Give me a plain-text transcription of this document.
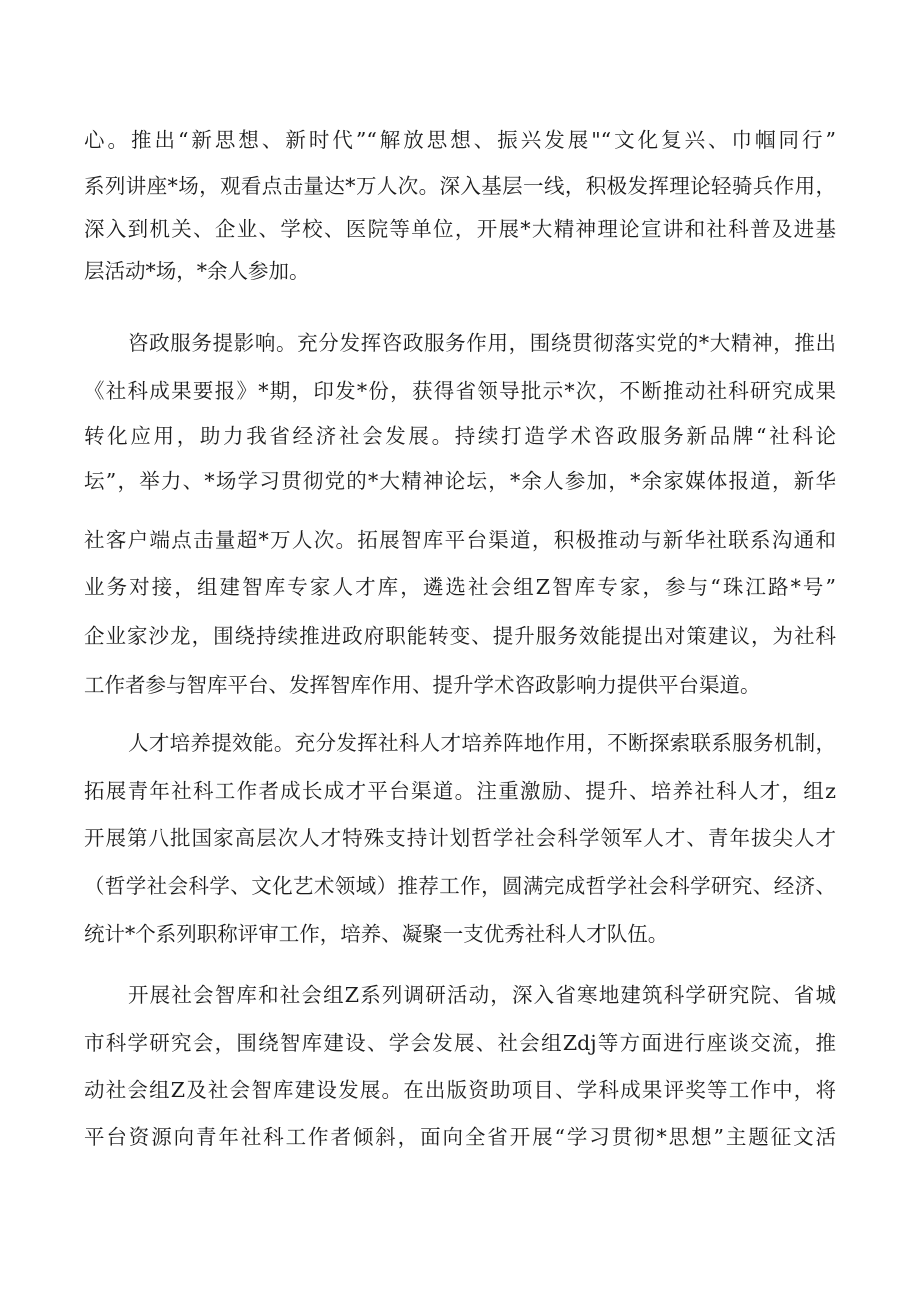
心。推出“新思想、新时代”“解放思想、振兴发展"“文化复兴、巾帼同行”
系列讲座*场，观看点击量达*万人次。深入基层一线，积极发挥理论轻骑兵作用，
深入到机关、企业、学校、医院等单位，开展*大精神理论宣讲和社科普及进基
层活动*场，*余人参加。
咨政服务提影响。充分发挥咨政服务作用，围绕贯彻落实党的*大精神，推出
《社科成果要报》*期，印发*份，获得省领导批示*次，不断推动社科研究成果
转化应用，助力我省经济社会发展。持续打造学术咨政服务新品牌“社科论
坛”，举力、*场学习贯彻党的*大精神论坛，*余人参加，*余家媒体报道，新华
社客户端点击量超*万人次。拓展智库平台渠道，积极推动与新华社联系沟通和
业务对接，组建智库专家人才库，遴选社会组Z智库专家，参与“珠江路*号”
企业家沙龙，围绕持续推进政府职能转变、提升服务效能提出对策建议，为社科
工作者参与智库平台、发挥智库作用、提升学术咨政影响力提供平台渠道。
人才培养提效能。充分发挥社科人才培养阵地作用，不断探索联系服务机制，
拓展青年社科工作者成长成才平台渠道。注重激励、提升、培养社科人才，组z
开展第八批国家高层次人才特殊支持计划哲学社会科学领军人才、青年拔尖人才
（哲学社会科学、文化艺术领域）推荐工作，圆满完成哲学社会科学研究、经济、
统计*个系列职称评审工作，培养、凝聚一支优秀社科人才队伍。
开展社会智库和社会组Z系列调研活动，深入省寒地建筑科学研究院、省城
市科学研究会，围绕智库建设、学会发展、社会组Zdj等方面进行座谈交流，推
动社会组Z及社会智库建设发展。在出版资助项目、学科成果评奖等工作中，将
平台资源向青年社科工作者倾斜，面向全省开展“学习贯彻*思想”主题征文活
